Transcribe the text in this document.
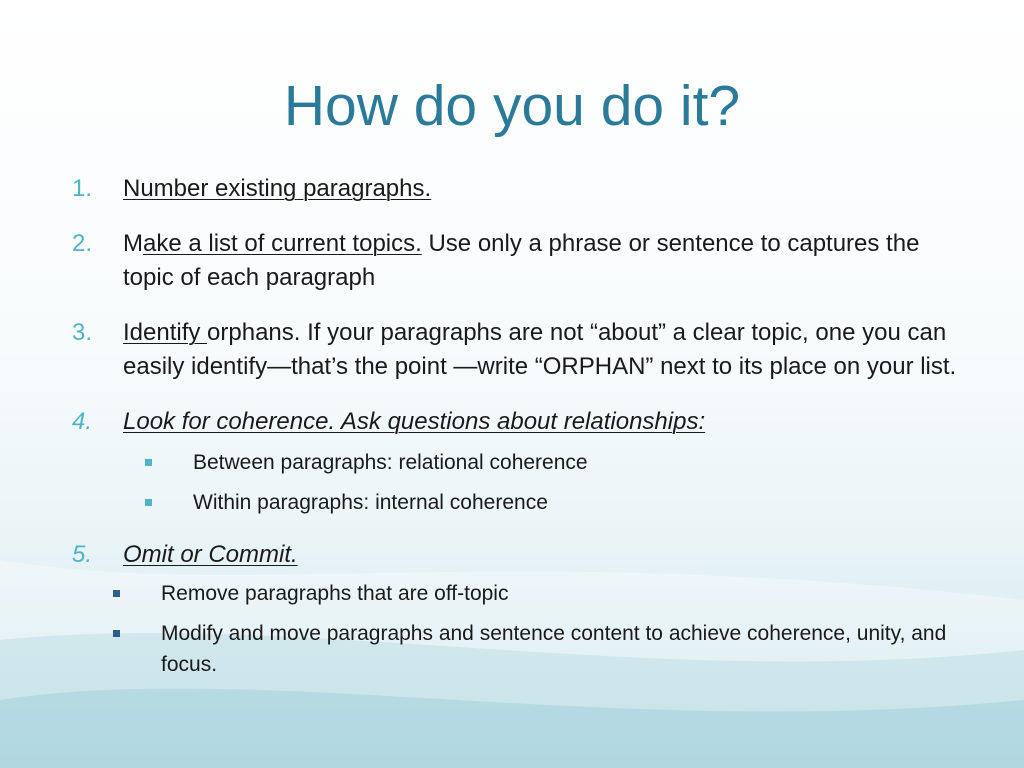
How do you do it?
1.	Number existing paragraphs.
2.	Make a list of current topics. Use only a phrase or sentence to captures the topic of each paragraph
3.	Identify orphans. If your paragraphs are not “about” a clear topic, one you can easily identify—that’s the point —write “ORPHAN” next to its place on your list.
4.	Look for coherence. Ask questions about relationships:
Between paragraphs: relational coherence
Within paragraphs: internal coherence
5.	Omit or Commit.
Remove paragraphs that are off-topic
Modify and move paragraphs and sentence content to achieve coherence, unity, and focus.
